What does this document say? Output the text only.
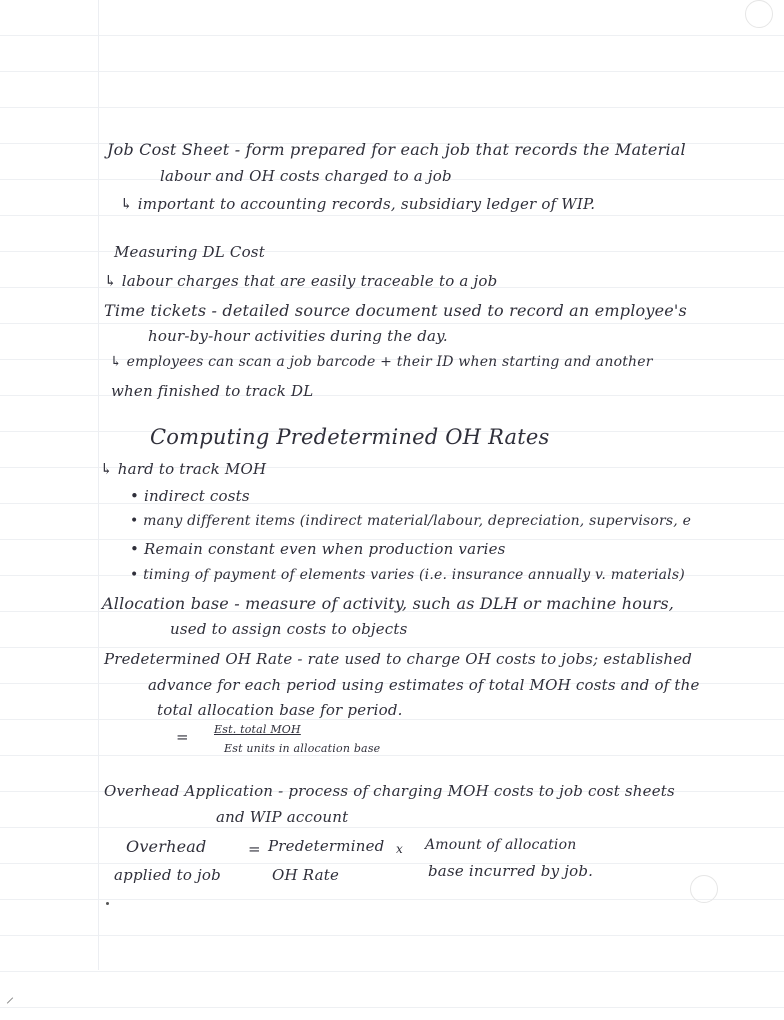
Job Cost Sheet - form prepared for each job that records the Material
labour and OH costs charged to a job
↳ important to accounting records, subsidiary ledger of WIP.
Measuring DL Cost
↳ labour charges that are easily traceable to a job
Time tickets - detailed source document used to record an employee's
hour-by-hour activities during the day.
↳ employees can scan a job barcode + their ID when starting and another
when finished to track DL
Computing Predetermined OH Rates
↳ hard to track MOH
• indirect costs
• many different items (indirect material/labour, depreciation, supervisors, e
• Remain constant even when production varies
• timing of payment of elements varies (i.e. insurance annually v. materials)
Allocation base - measure of activity, such as DLH or machine hours,
used to assign costs to objects
Predetermined OH Rate - rate used to charge OH costs to jobs; established
advance for each period using estimates of total MOH costs and of the
total allocation base for period.
= Est. total MOH
Est units in allocation base
Overhead Application - process of charging MOH costs to job cost sheets
and WIP account
Overhead	= Predetermined x Amount of allocation
applied to job	OH Rate	base incurred by job.
